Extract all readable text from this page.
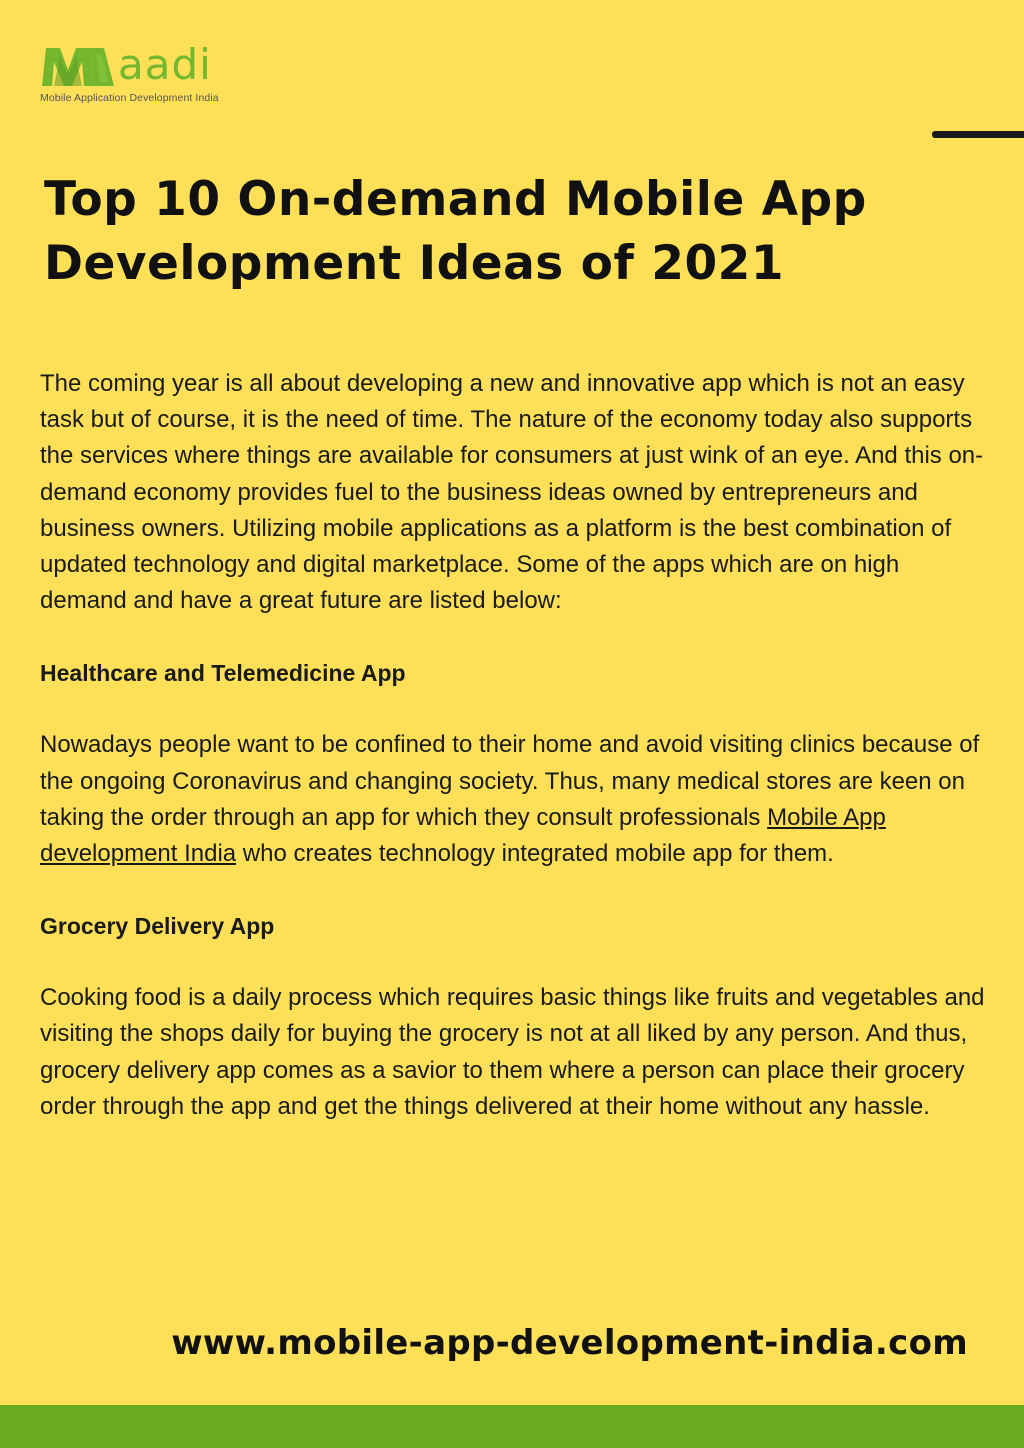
aadi
Mobile Application Development India
Top 10 On-demand Mobile App Development Ideas of 2021

The coming year is all about developing a new and innovative app which is not an easy task but of course, it is the need of time. The nature of the economy today also supports the services where things are available for consumers at just wink of an eye. And this on-demand economy provides fuel to the business ideas owned by entrepreneurs and business owners. Utilizing mobile applications as a platform is the best combination of updated technology and digital marketplace. Some of the apps which are on high demand and have a great future are listed below:

Healthcare and Telemedicine App

Nowadays people want to be confined to their home and avoid visiting clinics because of the ongoing Coronavirus and changing society. Thus, many medical stores are keen on taking the order through an app for which they consult professionals Mobile App development India who creates technology integrated mobile app for them.

Grocery Delivery App

Cooking food is a daily process which requires basic things like fruits and vegetables and visiting the shops daily for buying the grocery is not at all liked by any person. And thus, grocery delivery app comes as a savior to them where a person can place their grocery order through the app and get the things delivered at their home without any hassle.

www.mobile-app-development-india.com
